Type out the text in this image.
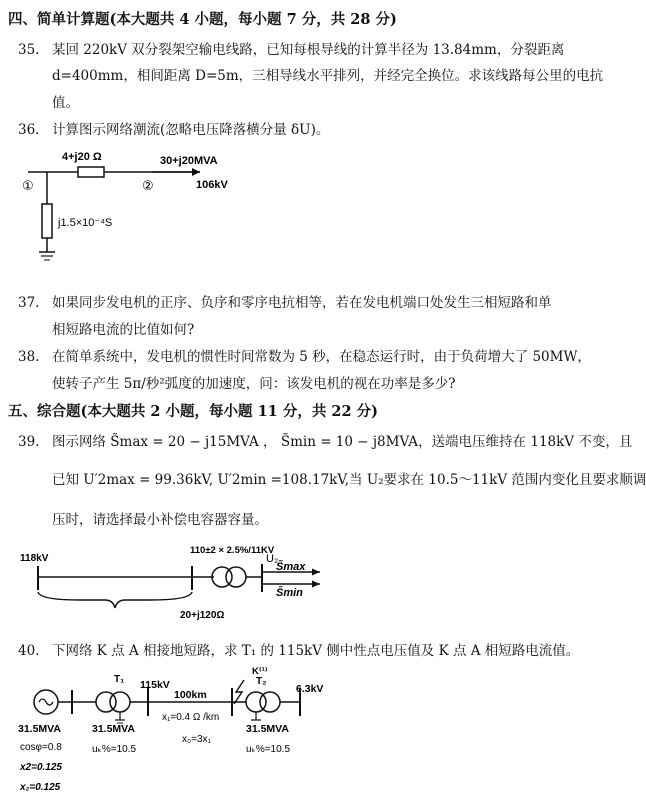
四、简单计算题(本大题共 4 小题，每小题 7 分，共 28 分)
35. 某回 220kV 双分裂架空输电线路，已知每根导线的计算半径为 13.84mm，分裂距离
d=400mm，相间距离 D=5m，三相导线水平排列，并经完全换位。求该线路每公里的电抗
值。
36. 计算图示网络潮流(忽略电压降落横分量 δU)。
4+j20 Ω	30+j20MVA
106kV
①	②
j1.5×10⁻⁴S
37. 如果同步发电机的正序、负序和零序电抗相等，若在发电机端口处发生三相短路和单
相短路电流的比值如何?
38. 在简单系统中，发电机的惯性时间常数为 5 秒，在稳态运行时，由于负荷增大了 50MW，
使转子产生 5π/秒²弧度的加速度，问：该发电机的视在功率是多少?
五、综合题(本大题共 2 小题，每小题 11 分，共 22 分)
39. 图示网络 S̃max = 20 − j15MVA ， S̃min = 10 − j8MVA，送端电压维持在 118kV 不变，且
已知 U′2max = 99.36kV, U′2min =108.17kV,当 U₂要求在 10.5～11kV 范围内变化且要求顺调
压时，请选择最小补偿电容器容量。
118kV
110±2 × 2.5%/11KV
U₂
S̃max
S̃min
20+j120Ω
40. 下网络 K 点 A 相接地短路，求 T₁ 的 115kV 侧中性点电压值及 K 点 A 相短路电流值。
31.5MVA
cosφ=0.8
x2=0.125
x₂=0.125
T₁
31.5MVA
uₖ%=10.5
115kV
100km
x₁=0.4 Ω /km
x₀=3x₁
K⁽¹⁾
T₂
31.5MVA
uₖ%=10.5
6.3kV
